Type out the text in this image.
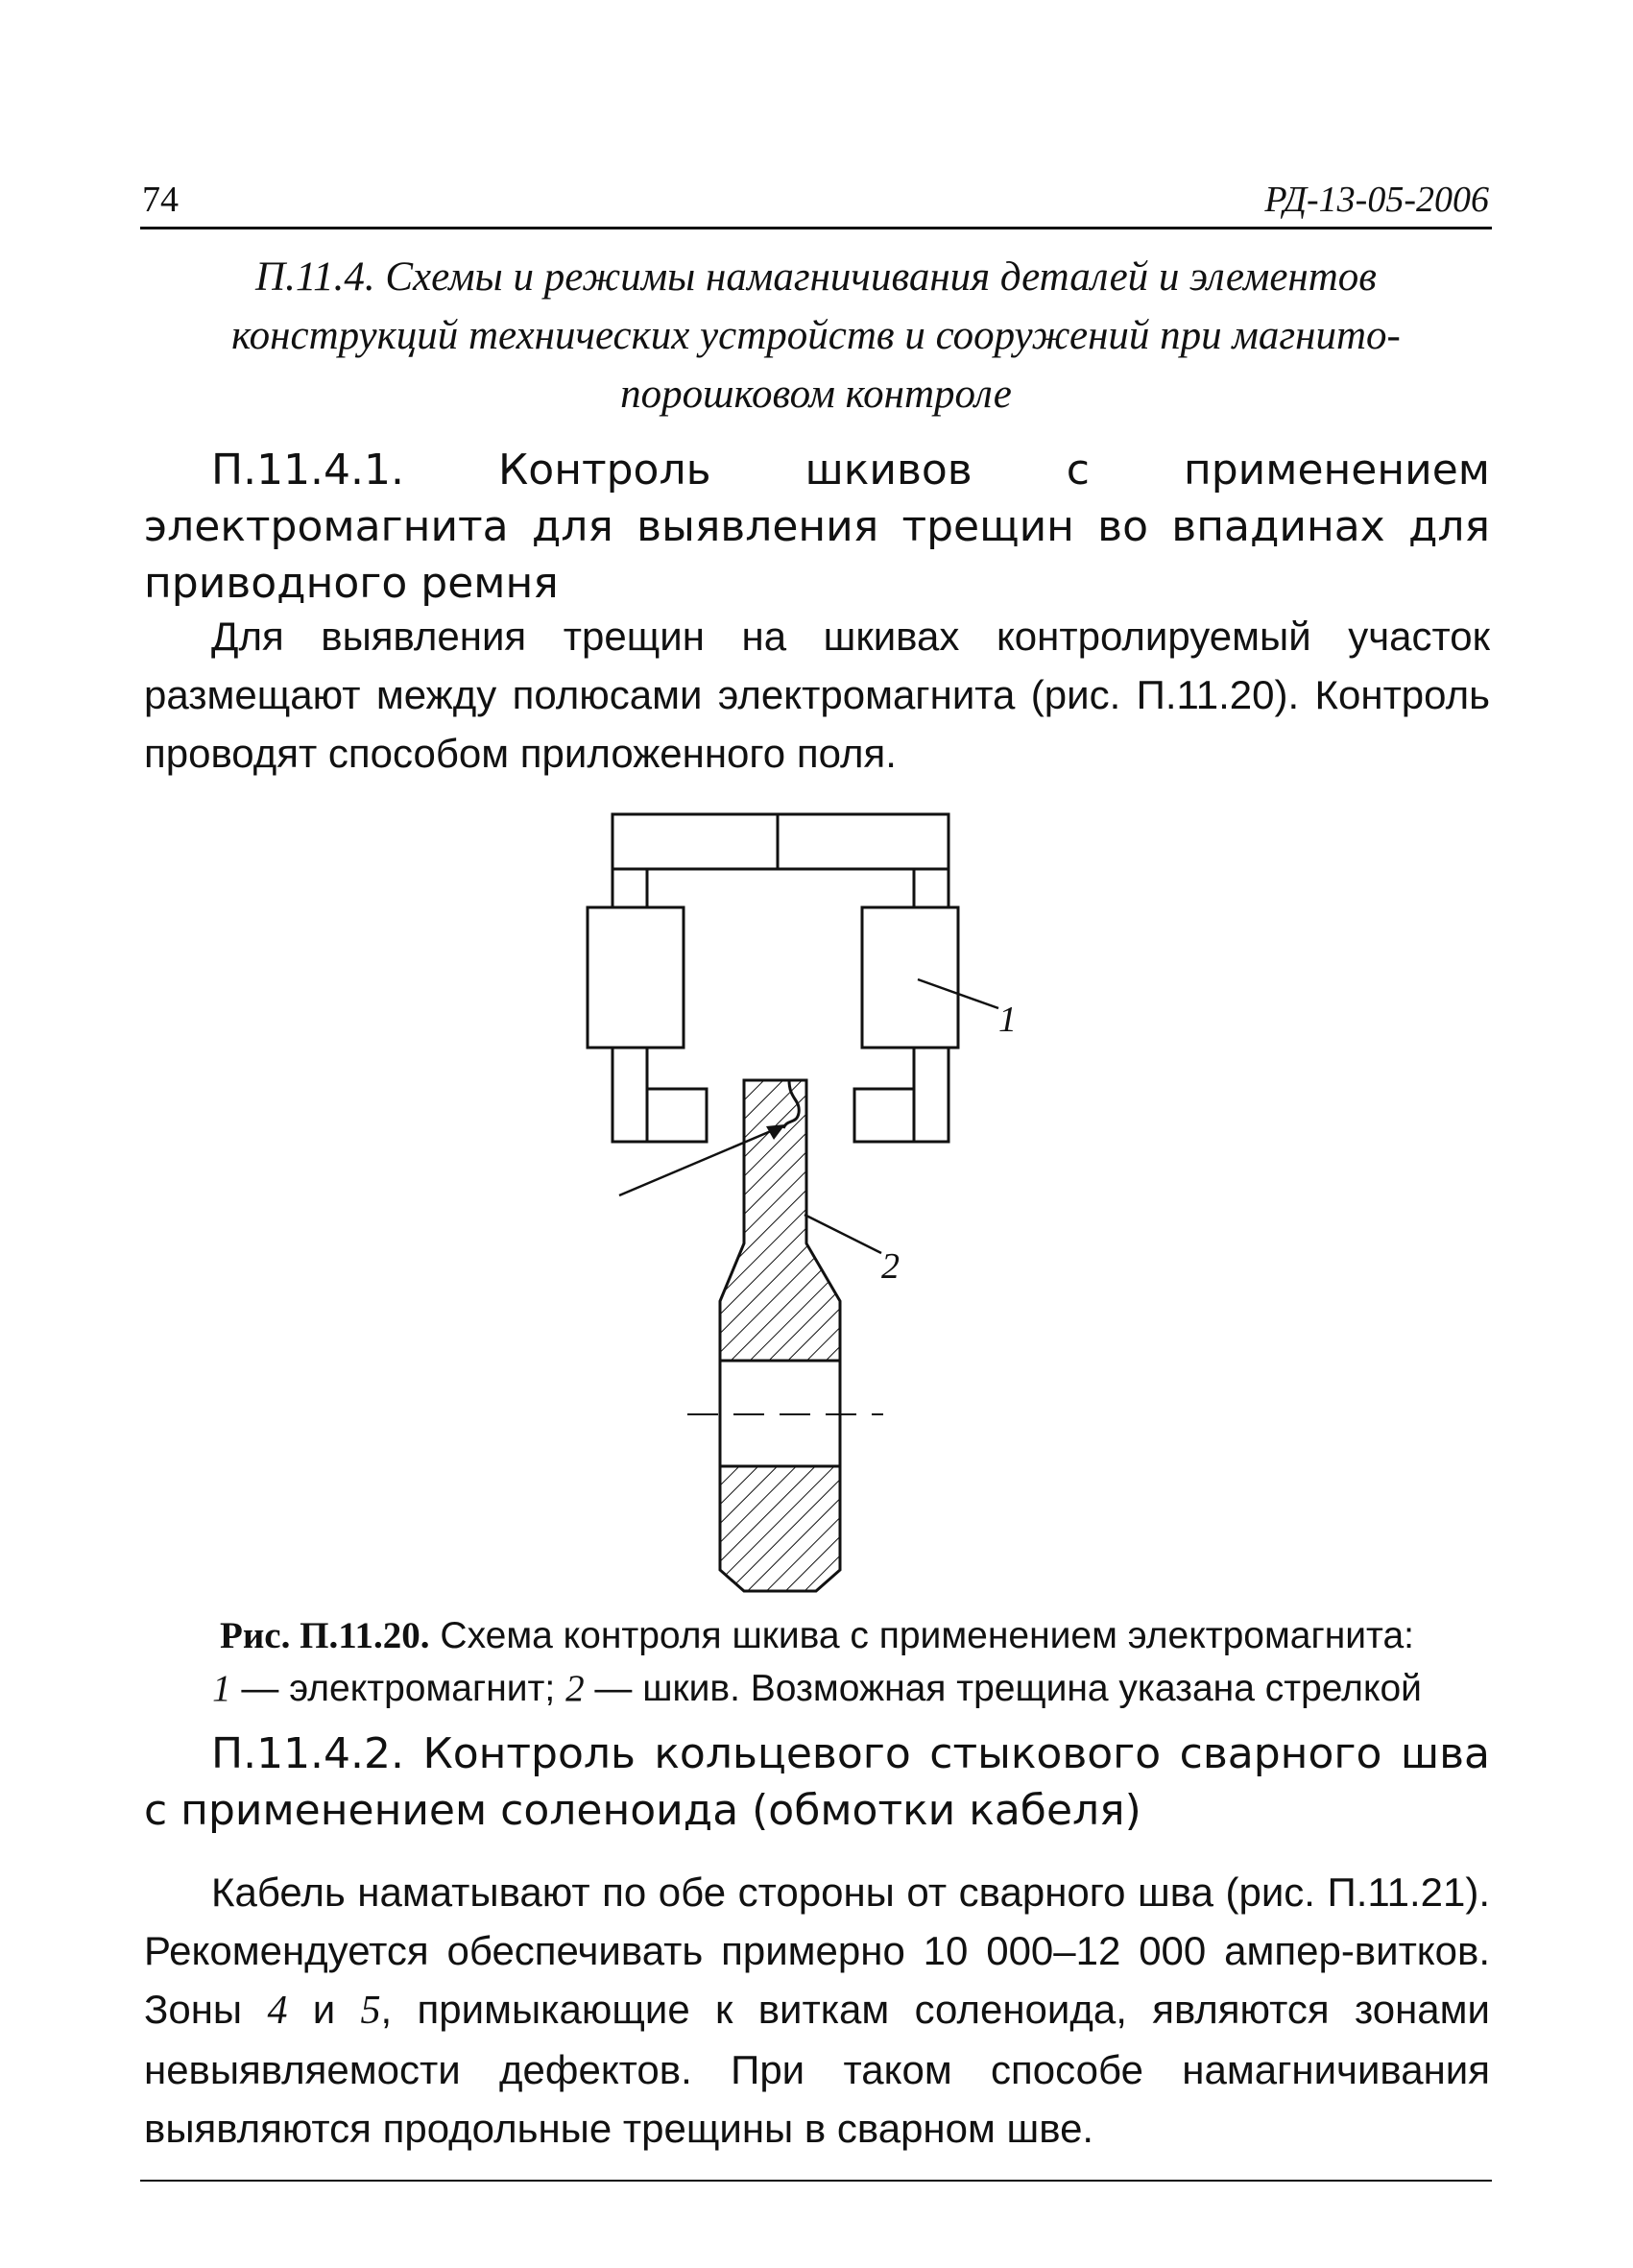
74	РД-13-05-2006
П.11.4. Схемы и режимы намагничивания деталей и элементов
конструкций технических устройств и сооружений при магнито-
порошковом контроле
П.11.4.1. Контроль шкивов с применением электромагнита для выявления трещин во впадинах для приводного ремня
Для выявления трещин на шкивах контролируемый участок размещают между полюсами электромагнита (рис. П.11.20). Контроль проводят способом приложенного поля.
1
2
Рис. П.11.20. Схема контроля шкива с применением электромагнита:
1 — электромагнит; 2 — шкив. Возможная трещина указана стрелкой
П.11.4.2. Контроль кольцевого стыкового сварного шва с применением соленоида (обмотки кабеля)
Кабель наматывают по обе стороны от сварного шва (рис. П.11.21). Рекомендуется обеспечивать примерно 10 000–12 000 ампер-витков. Зоны 4 и 5, примыкающие к виткам соленоида, являются зонами невыявляемости дефектов. При таком способе намагничивания выявляются продольные трещины в сварном шве.
